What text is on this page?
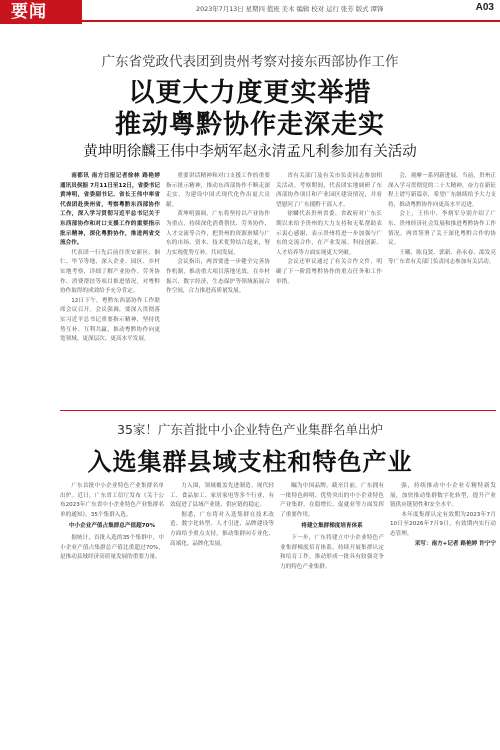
要闻	2023年7月13日 星期四 值班 美术 编辑 校对 运行 张芳 版式 谭锋	A03
广东省党政代表团到贵州考察对接东西部协作工作
以更大力度更实举措
推动粤黔协作走深走实
黄坤明徐麟王伟中李炳军赵永清孟凡利参加有关活动

南都讯 南方日报记者徐林 路艳婷 通讯员侯振 7月11日至12日，省委书记黄坤明，省委副书记、省长王伟中率省代表团赴贵州省，考察粤黔东西部协作工作，深入学习贯彻习近平总书记关于东西部协作和对口支援工作的重要指示批示精神，深化粤黔协作，推进两省交流合作。

代表团一行先后前往贵安新区、铜仁、毕节等地，深入企业、园区、乡村实地考察，详细了解产业协作、劳务协作、消费帮扶等项目推进情况，对粤黔协作取得的成效给予充分肯定。

12日下午，粤黔东西部协作工作联席会议召开。会议强调，要深入贯彻落实习近平总书记重要指示精神，坚持优势互补、互利共赢，推动粤黔协作向更宽领域、更深层次、更高水平发展。

重要讲话精神和对口支援工作的重要指示批示精神，推动东西部协作不断走深走实，为建设中国式现代化作出更大贡献。

黄坤明强调，广东将坚持以产业协作为重点，持续深化消费帮扶、劳务协作、人才交流等合作，把贵州的资源禀赋与广东的市场、资本、技术优势结合起来，努力实现优势互补、共同发展。

会议指出，两省要进一步健全完善协作机制，推动重大项目落地见效，在乡村振兴、数字经济、生态保护等领域拓展合作空间，合力推进高质量发展。

省有关部门及有关市负责同志参加相关活动。考察期间，代表团实地调研了东西部协作项目和产业园区建设情况，并看望慰问了广东援黔干部人才。

徐麟代表贵州省委、省政府对广东长期以来给予贵州的大力支持和无私帮助表示衷心感谢，表示贵州将进一步加强与广东的交流合作，在产业发展、科技创新、人才培养等方面实现更大突破。

会议还审议通过了有关合作文件，明确了下一阶段粤黔协作的重点任务和工作举措。

会，观摩一系列新进展。当前，贵州正深入学习贯彻党的二十大精神，奋力在新征程上谱写新篇章，希望广东继续给予大力支持，推动粤黔协作向更高水平迈进。

会上，王伟中、李炳军分别介绍了广东、贵州经济社会发展和推进粤黔协作工作情况。两省签署了关于深化粤黔合作的协议。

王曦、陈良贤、郭新、孙永春、邵发亮等广东省有关部门负责同志参加有关活动。

35家！广东首批中小企业特色产业集群名单出炉
入选集群县域支柱和特色产业

广东首批中小企业特色产业集群名单出炉。近日，广东省工信厅发布《关于公布2023年广东省中小企业特色产业集群名单的通知》，35个集群入选。

中小企业产值占集群总产值超70%

据统计，首批入选的35个集群中，中小企业产值占集群总产值比重超过70%，是推动县域经济高质量发展的重要力量。

力入围，领域覆盖先进制造、现代轻工、食品加工、家居家电等多个行业，有效促进了县域产业链、供应链的稳定。

据悉，广东将对入选集群在技术改造、数字化转型、人才引进、品牌建设等方面给予重点支持，推动集群向专业化、高端化、品牌化发展。

瞩为中国品牌。截至目前，广东拥有一批特色鲜明、优势突出的中小企业特色产业集群，在稳增长、促就业等方面发挥了重要作用。

将建立集群梯度培育体系

下一步，广东将建立中小企业特色产业集群梯度培育体系，持续开展集群认定和培育工作，推动形成一批具有较强竞争力的特色产业集群。

强，持续推动中小企业专精特新发展，加快推动集群数字化转型，提升产业链供应链韧性和安全水平。

本年度集群认定有效期为2023年7月10日至2026年7月9日，有效期内实行动态管理。

采写：南方+记者 路艳婷 许宁宁
